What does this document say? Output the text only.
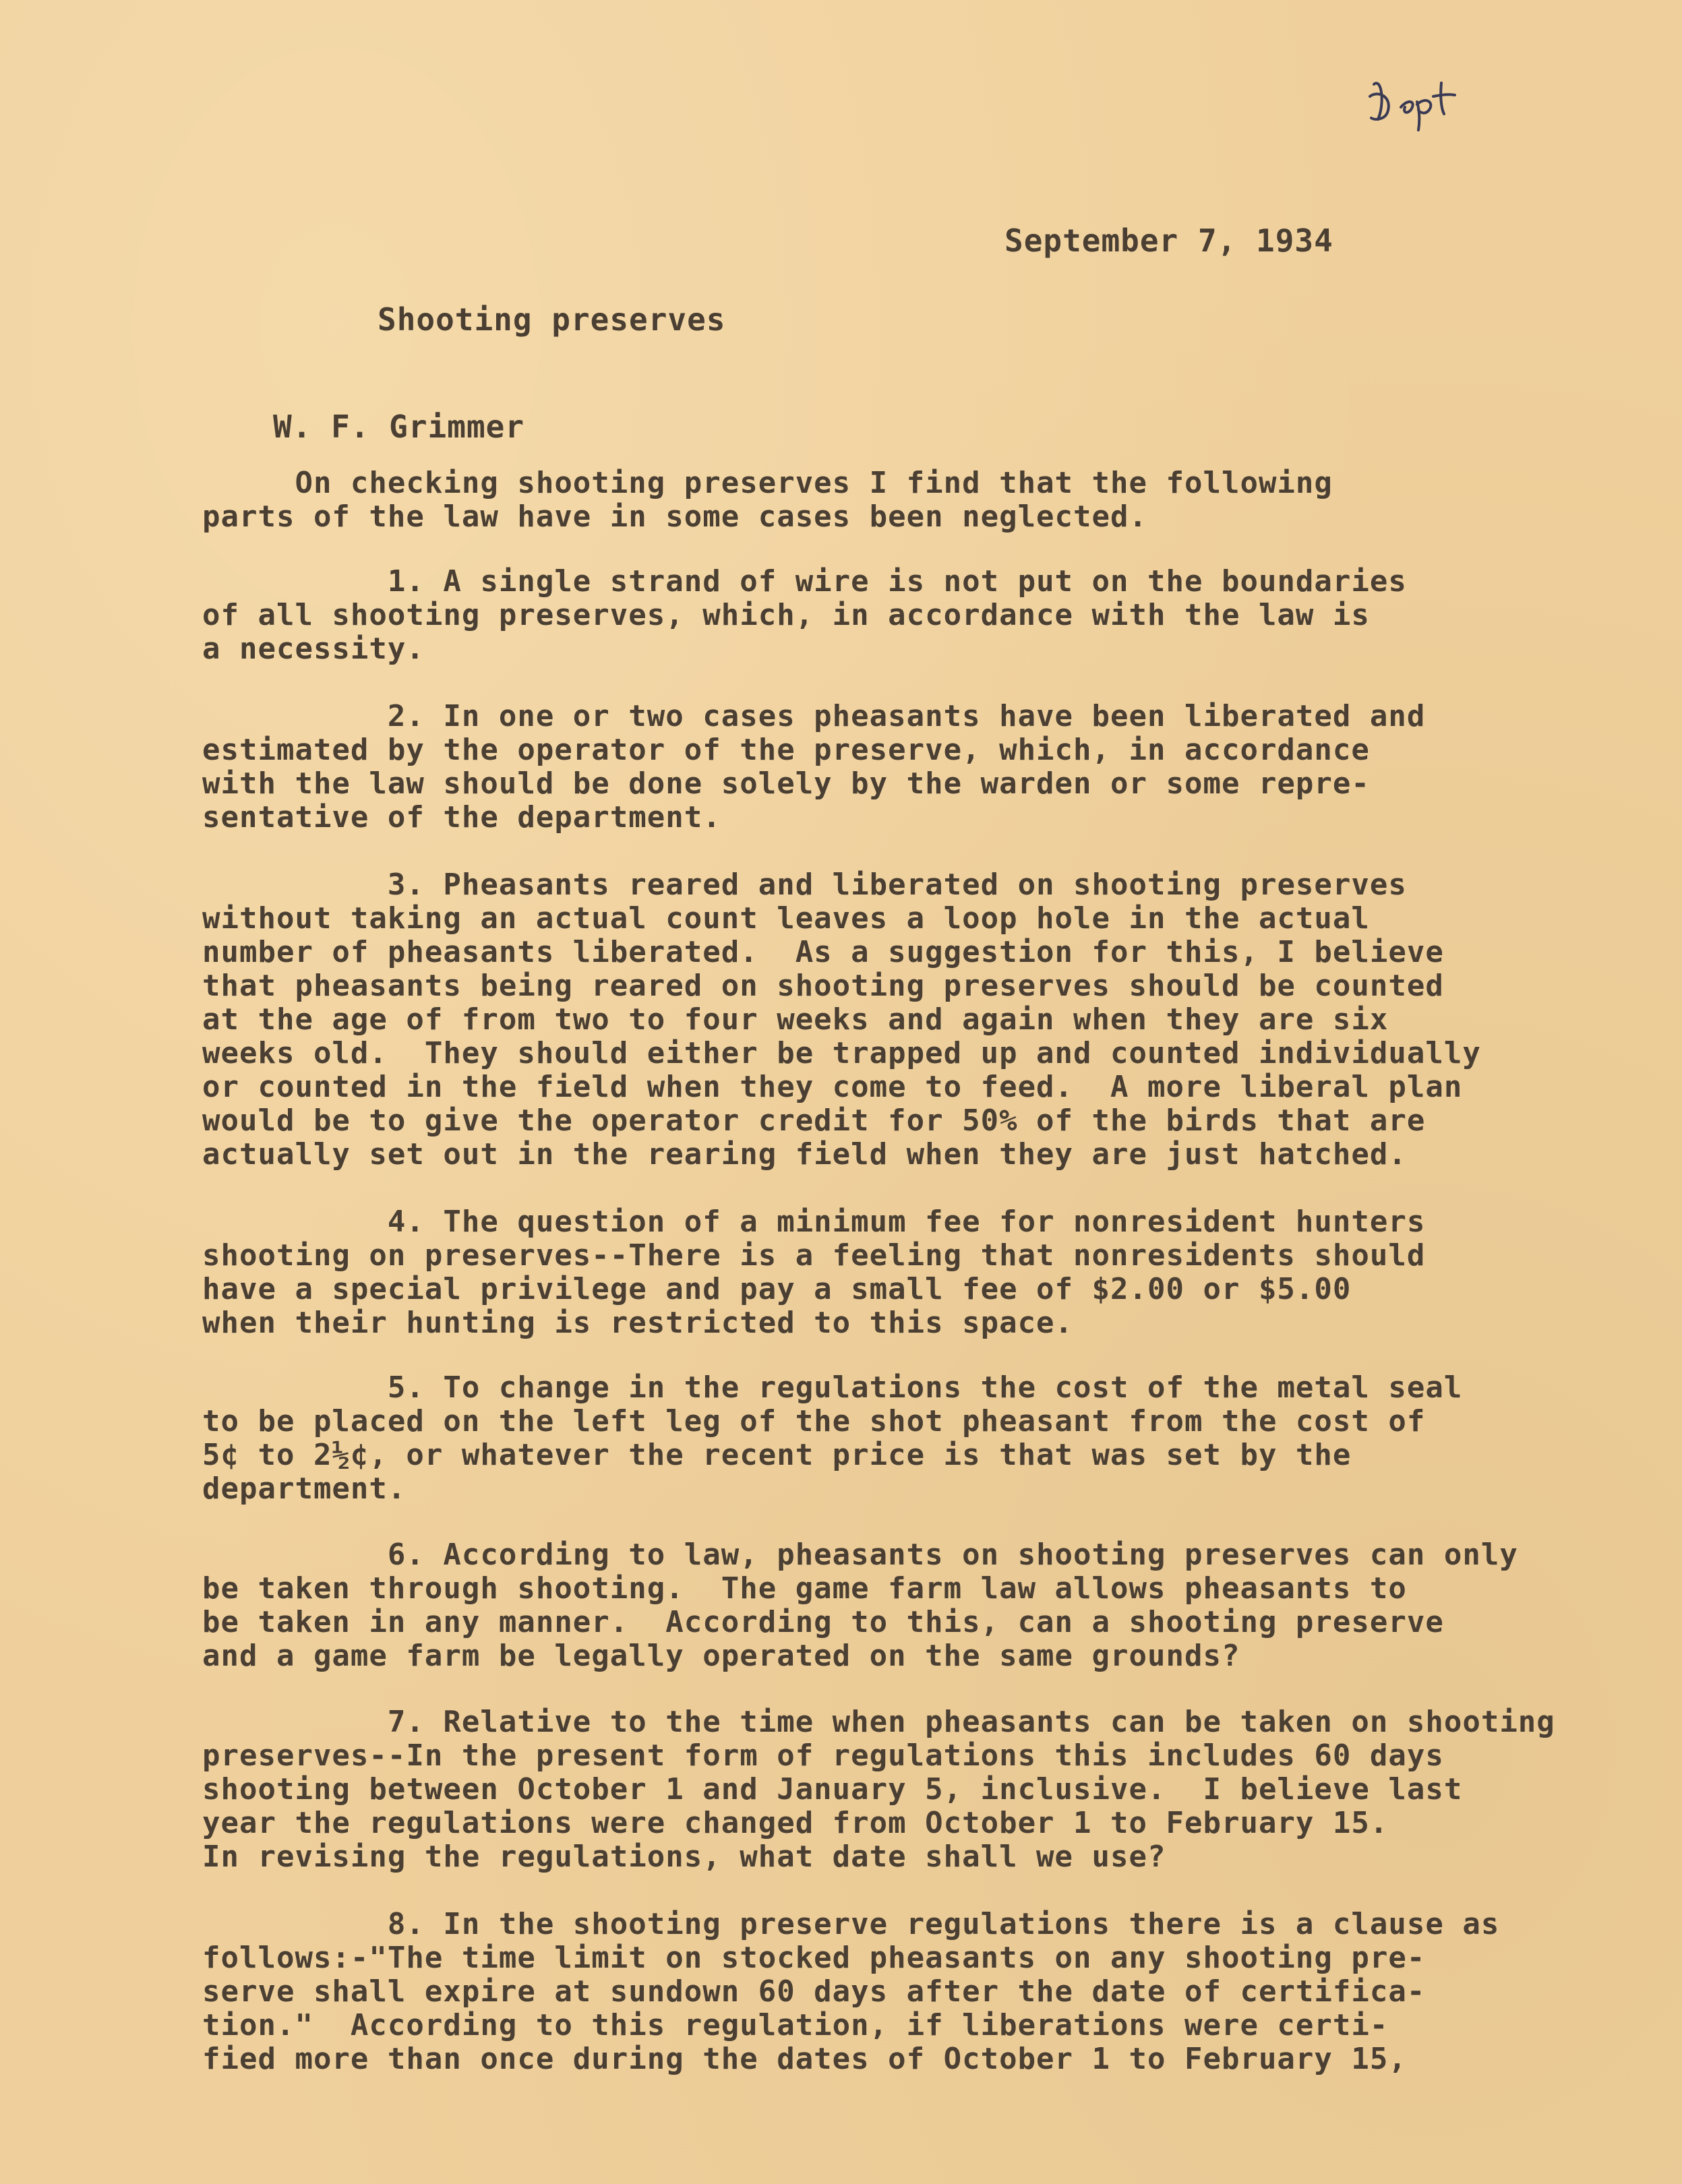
September 7, 1934
Shooting preserves
W. F. Grimmer

On checking shooting preserves I find that the following
parts of the law have in some cases been neglected.

1. A single strand of wire is not put on the boundaries
of all shooting preserves, which, in accordance with the law is
a necessity.

2. In one or two cases pheasants have been liberated and
estimated by the operator of the preserve, which, in accordance
with the law should be done solely by the warden or some repre-
sentative of the department.

3. Pheasants reared and liberated on shooting preserves
without taking an actual count leaves a loop hole in the actual
number of pheasants liberated.  As a suggestion for this, I believe
that pheasants being reared on shooting preserves should be counted
at the age of from two to four weeks and again when they are six
weeks old.  They should either be trapped up and counted individually
or counted in the field when they come to feed.  A more liberal plan
would be to give the operator credit for 50% of the birds that are
actually set out in the rearing field when they are just hatched.

4. The question of a minimum fee for nonresident hunters
shooting on preserves--There is a feeling that nonresidents should
have a special privilege and pay a small fee of $2.00 or $5.00
when their hunting is restricted to this space.

5. To change in the regulations the cost of the metal seal
to be placed on the left leg of the shot pheasant from the cost of
5¢ to 2½¢, or whatever the recent price is that was set by the
department.

6. According to law, pheasants on shooting preserves can only
be taken through shooting.  The game farm law allows pheasants to
be taken in any manner.  According to this, can a shooting preserve
and a game farm be legally operated on the same grounds?

7. Relative to the time when pheasants can be taken on shooting
preserves--In the present form of regulations this includes 60 days
shooting between October 1 and January 5, inclusive.  I believe last
year the regulations were changed from October 1 to February 15.
In revising the regulations, what date shall we use?

8. In the shooting preserve regulations there is a clause as
follows:-"The time limit on stocked pheasants on any shooting pre-
serve shall expire at sundown 60 days after the date of certifica-
tion."  According to this regulation, if liberations were certi-
fied more than once during the dates of October 1 to February 15,
